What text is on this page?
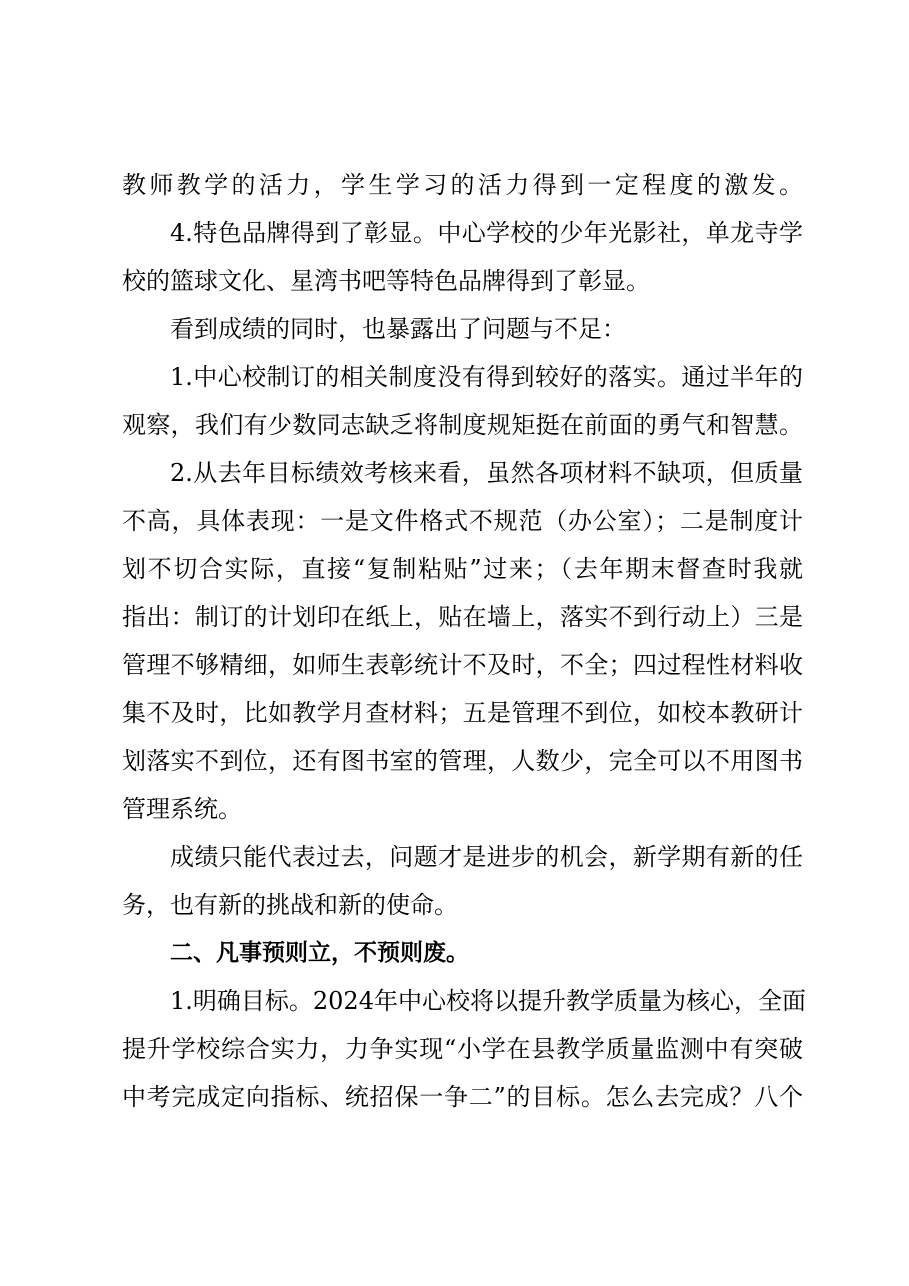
教师教学的活力，学生学习的活力得到一定程度的激发。
4.特色品牌得到了彰显。中心学校的少年光影社，单龙寺学
校的篮球文化、星湾书吧等特色品牌得到了彰显。
看到成绩的同时，也暴露出了问题与不足：
1.中心校制订的相关制度没有得到较好的落实。通过半年的
观察，我们有少数同志缺乏将制度规矩挺在前面的勇气和智慧。
2.从去年目标绩效考核来看，虽然各项材料不缺项，但质量
不高，具体表现：一是文件格式不规范（办公室）；二是制度计
划不切合实际，直接“复制粘贴”过来；（去年期末督查时我就
指出：制订的计划印在纸上，贴在墙上，落实不到行动上）三是
管理不够精细，如师生表彰统计不及时，不全；四过程性材料收
集不及时，比如教学月查材料；五是管理不到位，如校本教研计
划落实不到位，还有图书室的管理，人数少，完全可以不用图书
管理系统。
成绩只能代表过去，问题才是进步的机会，新学期有新的任
务，也有新的挑战和新的使命。
二、凡事预则立，不预则废。
1.明确目标。2024年中心校将以提升教学质量为核心，全面
提升学校综合实力，力争实现“小学在县教学质量监测中有突破
中考完成定向指标、统招保一争二”的目标。怎么去完成？八个
